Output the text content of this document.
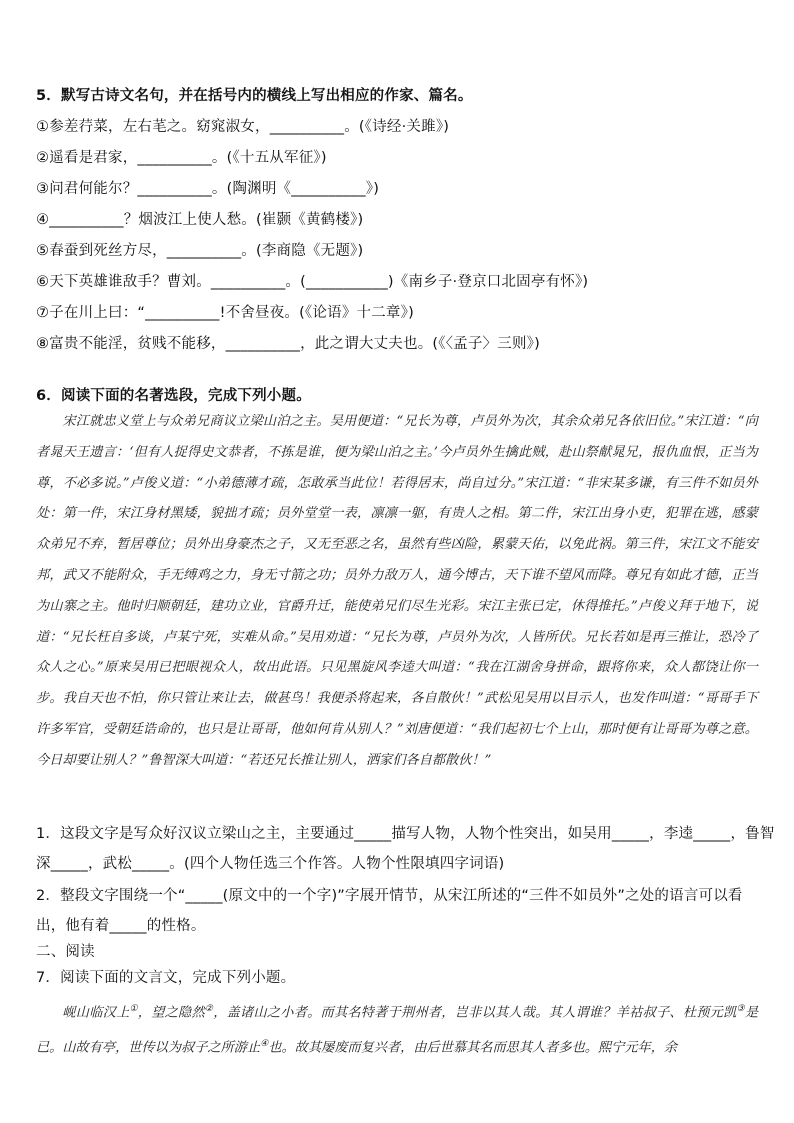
5．默写古诗文名句，并在括号内的横线上写出相应的作家、篇名。
①参差荇菜，左右芼之。窈窕淑女，__________。(《诗经·关雎》)
②遥看是君家，__________。(《十五从军征》)
③问君何能尔？__________。(陶渊明《__________》)
④__________？烟波江上使人愁。(崔颢《黄鹤楼》)
⑤春蚕到死丝方尽，__________。(李商隐《无题》)
⑥天下英雄谁敌手？曹刘。__________。(___________)《南乡子·登京口北固亭有怀》)
⑦子在川上曰：“__________!不舍昼夜。(《论语》十二章》)
⑧富贵不能淫，贫贱不能移，__________，此之谓大丈夫也。(《〈孟子〉三则》)
6．阅读下面的名著选段，完成下列小题。

宋江就忠义堂上与众弟兄商议立梁山泊之主。吴用便道：“兄长为尊，卢员外为次，其余众弟兄各依旧位。”宋江道：“向者晁天王遗言：‘但有人捉得史文恭者，不拣是谁，便为梁山泊之主。’今卢员外生擒此贼，赴山祭献晁兄，报仇血恨，正当为尊，不必多说。”卢俊义道：“小弟德薄才疏，怎敢承当此位！若得居末，尚自过分。”宋江道：“非宋某多谦，有三件不如员外处：第一件，宋江身材黑矮，貌拙才疏；员外堂堂一表，凛凛一躯，有贵人之相。第二件，宋江出身小吏，犯罪在逃，感蒙众弟兄不弃，暂居尊位；员外出身豪杰之子，又无至恶之名，虽然有些凶险，累蒙天佑，以免此祸。第三件，宋江文不能安邦，武又不能附众，手无缚鸡之力，身无寸箭之功；员外力敌万人，通今博古，天下谁不望风而降。尊兄有如此才德，正当为山寨之主。他时归顺朝廷，建功立业，官爵升迁，能使弟兄们尽生光彩。宋江主张已定，休得推托。”卢俊义拜于地下，说道：“兄长枉自多谈，卢某宁死，实难从命。”吴用劝道：“兄长为尊，卢员外为次，人皆所伏。兄长若如是再三推让，恐冷了众人之心。”原来吴用已把眼视众人，故出此语。只见黑旋风李逵大叫道：“我在江湖舍身拼命，跟将你来，众人都饶让你一步。我自天也不怕，你只管让来让去，做甚鸟！我便杀将起来，各自散伙！”武松见吴用以目示人，也发作叫道：“哥哥手下许多军官，受朝廷诰命的，也只是让哥哥，他如何肯从别人？”刘唐便道：“我们起初七个上山，那时便有让哥哥为尊之意。今日却要让别人？”鲁智深大叫道：“若还兄长推让别人，洒家们各自都散伙！”

1．这段文字是写众好汉议立梁山之主，主要通过_____描写人物，人物个性突出，如吴用_____，李逵_____，鲁智
深_____，武松_____。(四个人物任选三个作答。人物个性限填四字词语)
2．整段文字围绕一个“_____(原文中的一个字)”字展开情节，从宋江所述的“三件不如员外”之处的语言可以看
出，他有着_____的性格。
二、阅读
7．阅读下面的文言文，完成下列小题。

岘山临汉上①，望之隐然②，盖诸山之小者。而其名特著于荆州者，岂非以其人哉。其人谓谁？羊祜叔子、杜预元凯③是已。山故有亭，世传以为叔子之所游止④也。故其屡废而复兴者，由后世慕其名而思其人者多也。熙宁元年，余
